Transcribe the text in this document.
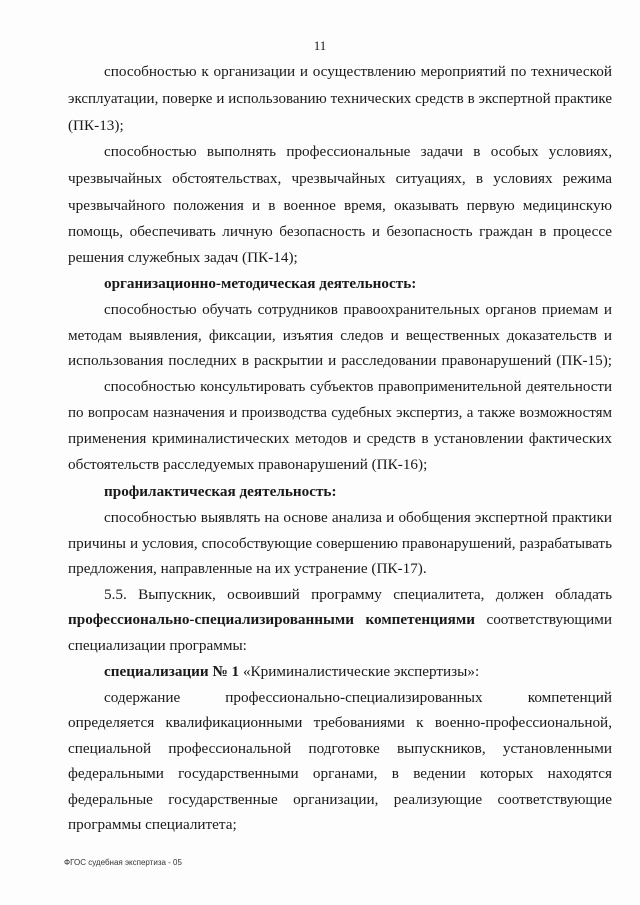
11
способностью к организации и осуществлению мероприятий по технической
эксплуатации, поверке и использованию технических средств в экспертной практике
(ПК-13);
способностью выполнять профессиональные задачи в особых условиях,
чрезвычайных обстоятельствах, чрезвычайных ситуациях, в условиях режима
чрезвычайного положения и в военное время, оказывать первую медицинскую
помощь, обеспечивать личную безопасность и безопасность граждан в процессе
решения служебных задач (ПК-14);
организационно-методическая деятельность:
способностью обучать сотрудников правоохранительных органов приемам и
методам выявления, фиксации, изъятия следов и вещественных доказательств и
использования последних в раскрытии и расследовании правонарушений (ПК-15);
способностью консультировать субъектов правоприменительной деятельности
по вопросам назначения и производства судебных экспертиз, а также возможностям
применения криминалистических методов и средств в установлении фактических
обстоятельств расследуемых правонарушений (ПК-16);
профилактическая деятельность:
способностью выявлять на основе анализа и обобщения экспертной практики
причины и условия, способствующие совершению правонарушений, разрабатывать
предложения, направленные на их устранение (ПК-17).
5.5. Выпускник, освоивший программу специалитета, должен обладать
профессионально-специализированными компетенциями соответствующими
специализации программы:
специализации № 1 «Криминалистические экспертизы»:
содержание профессионально-специализированных компетенций
определяется квалификационными требованиями к военно-профессиональной,
специальной профессиональной подготовке выпускников, установленными
федеральными государственными органами, в ведении которых находятся
федеральные государственные организации, реализующие соответствующие
программы специалитета;
ФГОС судебная экспертиза - 05
